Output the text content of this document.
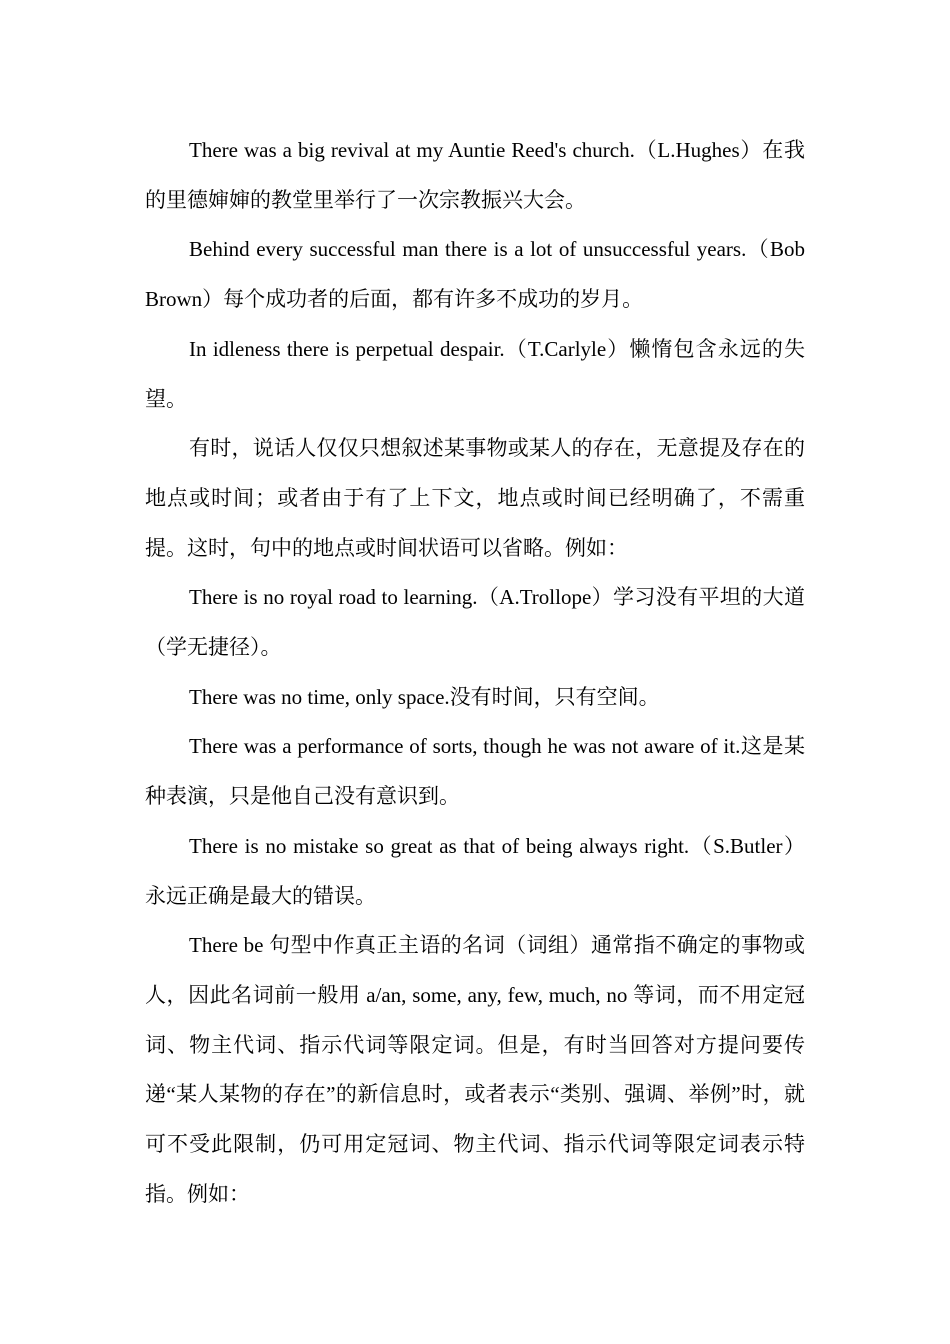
There was a big revival at my Auntie Reed's church.（L.Hughes）在我的里德婶婶的教堂里举行了一次宗教振兴大会。

Behind every successful man there is a lot of unsuccessful years.（Bob Brown）每个成功者的后面，都有许多不成功的岁月。

In idleness there is perpetual despair.（T.Carlyle）懒惰包含永远的失望。

有时，说话人仅仅只想叙述某事物或某人的存在，无意提及存在的地点或时间；或者由于有了上下文，地点或时间已经明确了，不需重提。这时，句中的地点或时间状语可以省略。例如：

There is no royal road to learning.（A.Trollope）学习没有平坦的大道（学无捷径）。

There was no time, only space.没有时间，只有空间。

There was a performance of sorts, though he was not aware of it.这是某种表演，只是他自己没有意识到。

There is no mistake so great as that of being always right.（S.Butler）永远正确是最大的错误。

There be 句型中作真正主语的名词（词组）通常指不确定的事物或人，因此名词前一般用 a/an, some, any, few, much, no 等词，而不用定冠词、物主代词、指示代词等限定词。但是，有时当回答对方提问要传递“某人某物的存在”的新信息时，或者表示“类别、强调、举例”时，就可不受此限制，仍可用定冠词、物主代词、指示代词等限定词表示特指。例如：
